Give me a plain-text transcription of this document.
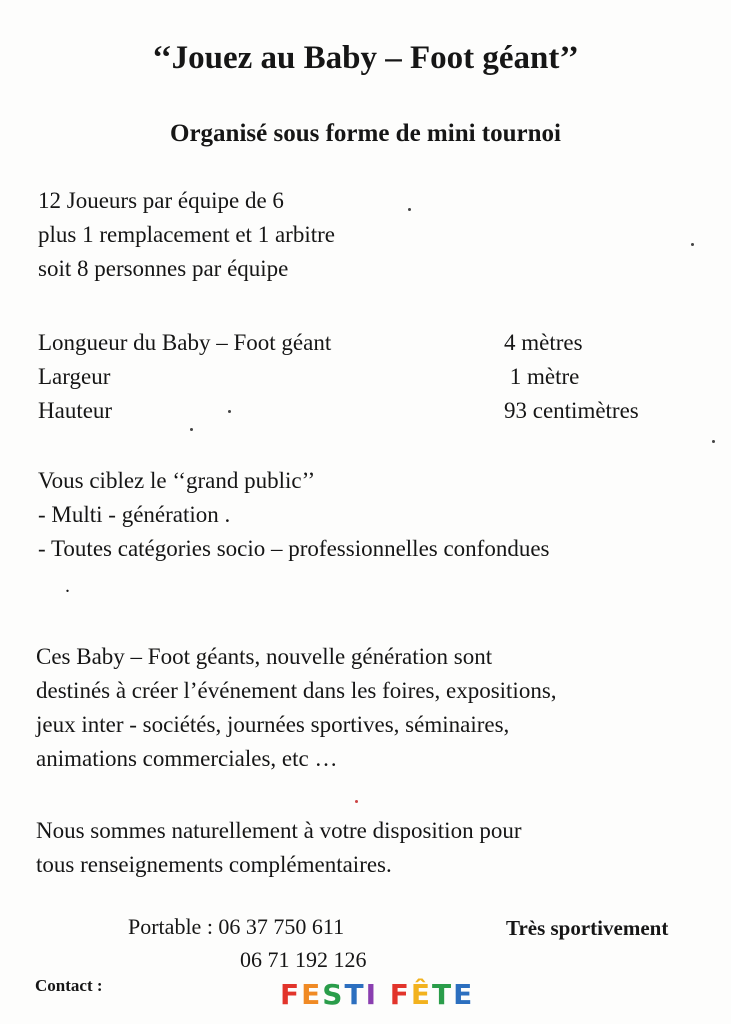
‘‘Jouez au Baby – Foot géant’’
Organisé sous forme de mini tournoi

12 Joueurs par équipe de 6

plus 1 remplacement et 1 arbitre

soit 8 personnes par équipe

Longueur du Baby – Foot géant	4 mètres
Largeur	1 mètre
Hauteur	93 centimètres
Vous ciblez le ‘‘grand public’’
- Multi - génération .
- Toutes catégories socio – professionnelles confondues
.
Ces Baby – Foot géants, nouvelle génération sont
destinés à créer l’événement dans les foires, expositions,
jeux inter - sociétés, journées sportives, séminaires,
animations commerciales, etc …
Nous sommes naturellement à votre disposition pour
tous renseignements complémentaires.
Portable : 06 37 750 611
06 71 192 126
Très sportivement
Contact :	FESTI FÊTE
